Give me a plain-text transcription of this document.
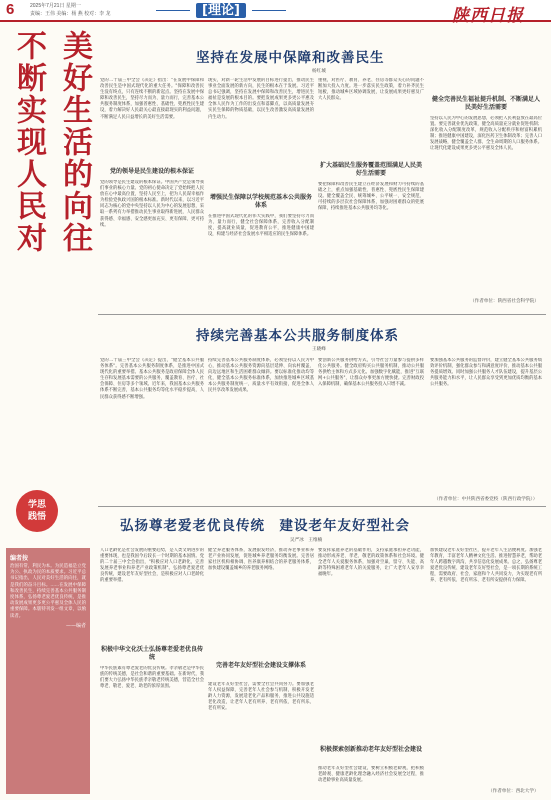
6	2025年7月21日 星期一
责编：王伟 美编：杨 燕 校对：李 龙	[理论]	陕西日报
不断实现人民对 美好生活的向往
学思
践悟
编者按
治国有常，利民为本。为民造福是立党为公、执政为民的本质要求。习近平总书记指出，人民对美好生活的向往，就是我们的奋斗目标。……在发展中保障和改善民生，持续完善基本公共服务制度体系，弘扬尊老爱老优良传统，是推动发展成果更多更公平惠及全体人民的重要保障。本版特刊发一组文章，以飨读者。
——编者
坚持在发展中保障和改善民生
杨红城
党的二十届三中全会《决定》指出："在发展中保障和改善民生是中国式现代化的重大任务。"保障和改善民生没有终点，只有连续不断的新起点。坚持在发展中保障和改善民生，坚持尽力而为、量力而行，完善基本公共服务制度体系，加强普惠性、基础性、兜底性民生建设，着力解决好人民最关心最直接最现实的利益问题，不断满足人民日益增长的美好生活需要。
党的领导是民生建设的根本保证
党的领导是民生建设的根本保证。中国共产党是领导我们事业的核心力量。党的初心使命决定了党始终把人民放在心中最高位置，坚持人民至上，把为人民谋幸福作为检验党执政兴国的根本标准。新时代以来，以习近平同志为核心的党中央坚持以人民为中心的发展思想，采取一系列有力举措推动民生事业取得新进展，人民群众获得感、幸福感、安全感更加充实、更有保障、更可持续。
现实，对新一轮生活中发展的目标进行提出，推动民生事业全面发展的新方向，民生的根本在于发展。习近平总书记强调，坚持在发展中保障和改善民生，增进民生福祉是发展的根本目的。要把发展成果更多更公平惠及全体人民作为工作的出发点和落脚点，以高质量发展夯实民生保障的物质基础，以民生改善激发高质量发展的内生动力。
增强民生保障以学校规范基本公共服务体系
在推进中国式现代化的伟大实践中，我们要坚持尽力而为、量力而行，健全社会保障体系，完善收入分配制度，提高就业质量，促进教育公平，推进健康中国建设，构建与经济社会发展水平相适应的民生保障体系。
重视，对医疗、教育、养老、住房等群众关心的问题不断加大投入力度。进一步落实民生政策，着力补齐民生短板，推动城乡区域协调发展，让发展成果更好惠及广大人民群众。
扩大基础民生服务覆盖范围满足人民美好生活需要
要把保障和改善民生建立在经济发展和财力可持续的基础之上，重点加强基础性、普惠性、兜底性民生保障建设。健全覆盖全民、统筹城乡、公平统一、安全规范、可持续的多层次社会保障体系，加强对困难群众的兜底保障，持续推进基本公共服务均等化。
健全完善民生福祉提升机制、不断满足人民美好生活需要
坚持以人民为中心的发展思想，必须把人民利益放在最高位置。要完善就业优先政策，健全高质量充分就业促进机制；深化收入分配制度改革，规范收入分配秩序和财富积累机制；推进健康中国建设，深化医药卫生体制改革；完善人口发展战略，健全覆盖全人群、全生命周期的人口服务体系。让现代化建设成果更多更公平惠及全体人民。
（作者单位：陕西省社会科学院）
持续完善基本公共服务制度体系
王晓峰
党的二十届三中全会《决定》提出，"健全基本公共服务体系"。完善基本公共服务制度体系，是推进中国式现代化的重要举措。基本公共服务是政府保障全体人民生存和发展基本需要的公共服务，覆盖教育、医疗、社会保障、住房等多个领域。近年来，我国基本公共服务体系不断完善，基本公共服务均等化水平稳步提高，人民群众获得感不断增强。
持续完善基本公共服务制度体系，必须坚持以人民为中心，推动基本公共服务资源向基层延伸、向农村覆盖、向边远地区和生活困难群众倾斜。要以标准化推动均等化，健全基本公共服务标准体系，加快推进城乡区域基本公共服务制度统一、质量水平有效衔接，促进全体人民共享改革发展成果。
要创新公共服务供给方式，引导社会力量参与提供多样化公共服务。健全政府购买公共服务机制，推动公共服务供给主体和方式多元化。加强数字化赋能，推进"互联网+公共服务"，让群众办事更加方便快捷。完善财政投入保障机制，确保基本公共服务投入只增不减。
要加强基本公共服务的监督评价，建立健全基本公共服务绩效评价机制，强化群众参与和满意度评价，推动基本公共服务提质增效。同时加强公共服务人才队伍建设，提升基层公共服务能力和水平，让人民群众享受到更加优质均衡的基本公共服务。
（作者单位：中共陕西省委党校（陕西行政学院））
弘扬尊老爱老优良传统　建设老年友好型社会
吴严冰　王维楠
人口老龄化是社会发展的重要趋势，是人类文明进步的重要体现，也是我国今后较长一个时期的基本国情。党的二十届三中全会指出，"积极应对人口老龄化，完善发展养老事业和养老产业政策机制"。弘扬尊老爱老优良传统，建设老年友好型社会，是积极应对人口老龄化的重要举措。
积极中华文化沃土弘扬尊老爱老优良传统
中华民族素有尊老爱老的优良传统。孝亲敬老是中华民族的传统美德，是社会和谐的重要基础。在新时代，我们要大力弘扬中华民族孝亲敬老传统美德，营造全社会尊老、敬老、爱老、助老的浓厚氛围。
健全养老服务体系，发展银发经济，推动养老事业和养老产业协同发展，促进城乡养老服务均衡发展。完善居家社区机构相协调、医养康养相结合的养老服务体系，加快建设覆盖城乡的养老服务网络。
完善老年友好型社会建设支撑体系
建设老年友好型社会，需要全社会共同努力。要加强老年人权益保障，完善老年人社会参与机制，积极开发老龄人力资源，发展适老化产品和服务，推进公共设施适老化改造，让老年人老有所养、老有所依、老有所乐、老有所安。
要发挥家庭养老的基础作用，支持家庭承担养老功能，推动形成养老、孝老、敬老的政策体系和社会环境。健全老年人关爱服务体系，加强对空巢、留守、失能、高龄等特殊困难老年人的关爱服务，让广大老年人安享幸福晚年。
积极探索创新推动老年友好型社会建设
推动老年友好型社会建设，要树立积极老龄观，把积极老龄观、健康老龄化理念融入经济社会发展全过程，推动老龄事业高质量发展。
加快建设老年友好型社区，提升老年人生活便利度。加强老年教育，丰富老年人精神文化生活。推进智慧养老，帮助老年人跨越数字鸿沟，共享信息化发展成果。总之，弘扬尊老爱老优良传统、建设老年友好型社会，是一项长期的系统工程，需要政府、社会、家庭和个人共同发力，为实现老有所养、老有所依、老有所乐、老有所安提供有力保障。
（作者单位：西北大学）
